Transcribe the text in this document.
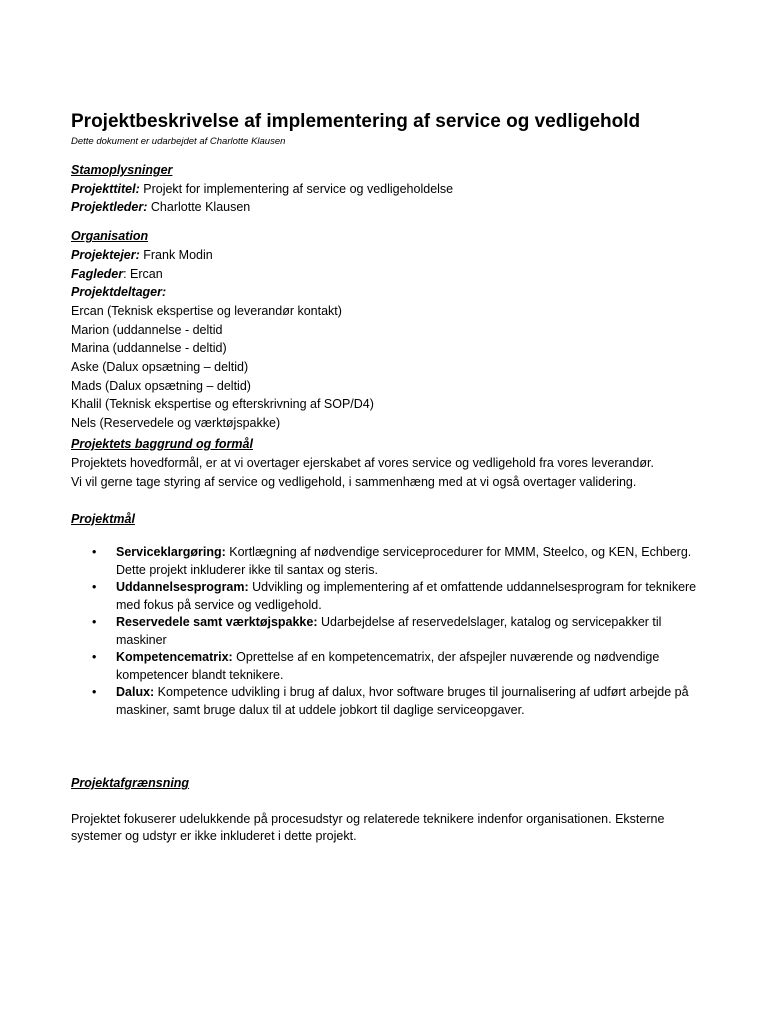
Projektbeskrivelse af implementering af service og vedligehold

Dette dokument er udarbejdet af Charlotte Klausen

Stamoplysninger

Projekttitel: Projekt for implementering af service og vedligeholdelse

Projektleder: Charlotte Klausen

Organisation

Projektejer: Frank Modin

Fagleder: Ercan

Projektdeltager:

Ercan (Teknisk ekspertise og leverandør kontakt)

Marion (uddannelse - deltid

Marina (uddannelse - deltid)

Aske (Dalux opsætning – deltid)

Mads (Dalux opsætning – deltid)

Khalil (Teknisk ekspertise og efterskrivning af SOP/D4)

Nels (Reservedele og værktøjspakke)

Projektets baggrund og formål

Projektets hovedformål, er at vi overtager ejerskabet af vores service og vedligehold fra vores leverandør.

Vi vil gerne tage styring af service og vedligehold, i sammenhæng med at vi også overtager validering.

Projektmål

• Serviceklargøring: Kortlægning af nødvendige serviceprocedurer for MMM, Steelco, og KEN, Echberg. Dette projekt inkluderer ikke til santax og steris.
• Uddannelsesprogram: Udvikling og implementering af et omfattende uddannelsesprogram for teknikere med fokus på service og vedligehold.
• Reservedele samt værktøjspakke: Udarbejdelse af reservedelslager, katalog og servicepakker til maskiner
• Kompetencematrix: Oprettelse af en kompetencematrix, der afspejler nuværende og nødvendige kompetencer blandt teknikere.
• Dalux: Kompetence udvikling i brug af dalux, hvor software bruges til journalisering af udført arbejde på maskiner, samt bruge dalux til at uddele jobkort til daglige serviceopgaver.

Projektafgrænsning

Projektet fokuserer udelukkende på procesudstyr og relaterede teknikere indenfor organisationen. Eksterne systemer og udstyr er ikke inkluderet i dette projekt.
